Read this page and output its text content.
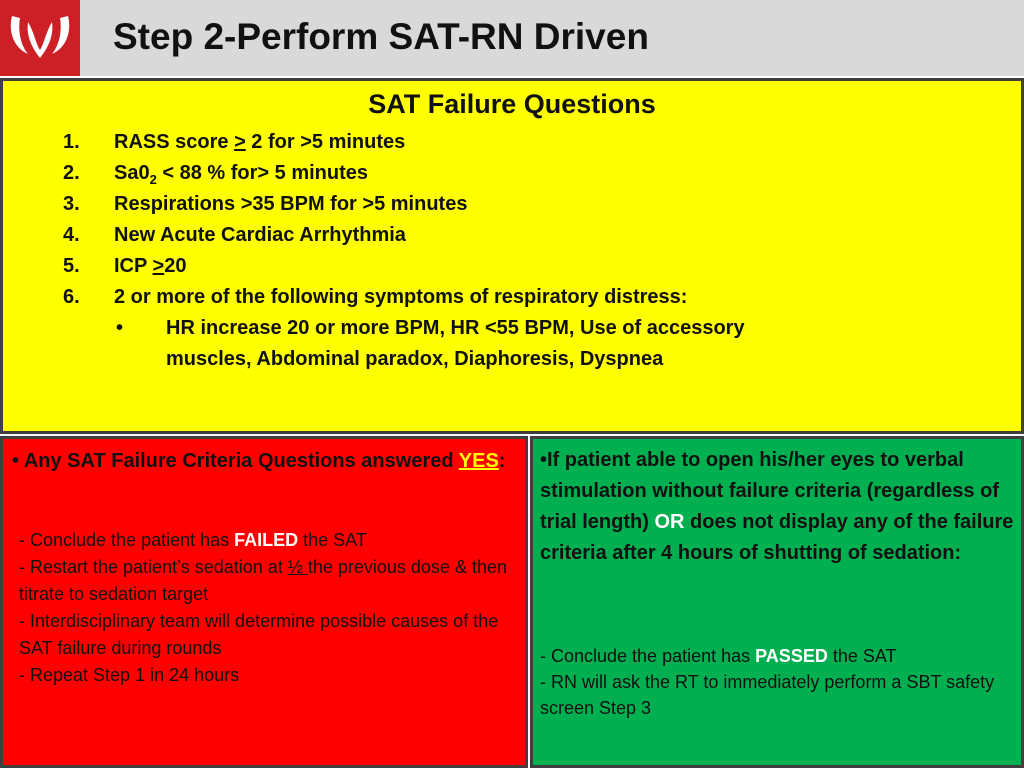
Step 2-Perform SAT-RN Driven
SAT Failure Questions
1. RASS score > 2 for >5 minutes
2. $Sa0_2 < 88$ % for> 5 minutes
3. Respirations >35 BPM for >5 minutes
4. New Acute Cardiac Arrhythmia
5. ICP >20
6. 2 or more of the following symptoms of respiratory distress:
• HR increase 20 or more BPM, HR <55 BPM, Use of accessory
muscles, Abdominal paradox, Diaphoresis, Dyspnea
• Any SAT Failure Criteria Questions answered YES:
- Conclude the patient has FAILED the SAT
- Restart the patient’s sedation at ½ the previous dose & then titrate to sedation target
- Interdisciplinary team will determine possible causes of the SAT failure during rounds
- Repeat Step 1 in 24 hours
•If patient able to open his/her eyes to verbal stimulation without failure criteria (regardless of trial length) OR does not display any of the failure criteria after 4 hours of shutting of sedation:
- Conclude the patient has PASSED the SAT
- RN will ask the RT to immediately perform a SBT safety screen Step 3
